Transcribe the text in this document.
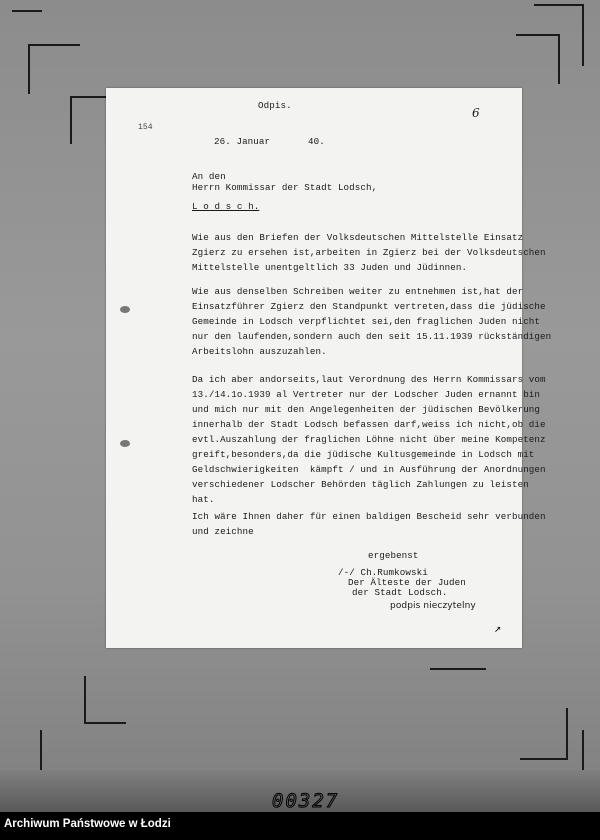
Odpis.
6
154
26. Januar	40.
An den
Herrn Kommissar der Stadt Lodsch,
L o d s c h.
Wie aus den Briefen der Volksdeutschen Mittelstelle Einsatz
Zgierz zu ersehen ist,arbeiten in Zgierz bei der Volksdeutschen
Mittelstelle unentgeltlich 33 Juden und Jüdinnen.
Wie aus denselben Schreiben weiter zu entnehmen ist,hat der
Einsatzführer Zgierz den Standpunkt vertreten,dass die jüdische
Gemeinde in Lodsch verpflichtet sei,den fraglichen Juden nicht
nur den laufenden,sondern auch den seit 15.11.1939 rückständigen
Arbeitslohn auszuzahlen.
Da ich aber andorseits,laut Verordnung des Herrn Kommissars vom
13./14.1o.1939 al Vertreter nur der Lodscher Juden ernannt bin
und mich nur mit den Angelegenheiten der jüdischen Bevölkerung
innerhalb der Stadt Lodsch befassen darf,weiss ich nicht,ob die
evtl.Auszahlung der fraglichen Löhne nicht über meine Kompetenz
greift,besonders,da die jüdische Kultusgemeinde in Lodsch mit
Geldschwierigkeiten  kämpft / und in Ausführung der Anordnungen
verschiedener Lodscher Behörden täglich Zahlungen zu leisten
hat.
Ich wäre Ihnen daher für einen baldigen Bescheid sehr verbunden
und zeichne
ergebenst
/-/ Ch.Rumkowski
Der Älteste der Juden
der Stadt Lodsch.
podpis nieczytelny
↗
00327
Archiwum Państwowe w Łodzi
